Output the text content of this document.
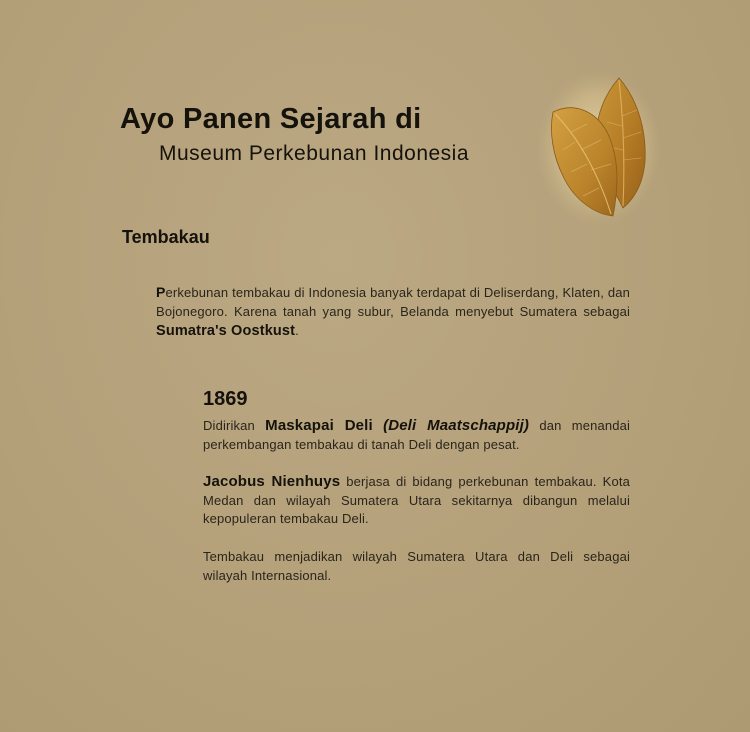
Ayo Panen Sejarah di
Museum Perkebunan Indonesia
Tembakau

Perkebunan tembakau di Indonesia banyak terdapat di Deliserdang, Klaten, dan Bojonegoro. Karena tanah yang subur, Belanda menyebut Sumatera sebagai Sumatra's Oostkust.

1869

Didirikan Maskapai Deli (Deli Maatschappij) dan menandai perkembangan tembakau di tanah Deli dengan pesat.

Jacobus Nienhuys berjasa di bidang perkebunan tembakau. Kota Medan dan wilayah Sumatera Utara sekitarnya dibangun melalui kepopuleran tembakau Deli.

Tembakau menjadikan wilayah Sumatera Utara dan Deli sebagai wilayah Internasional.
